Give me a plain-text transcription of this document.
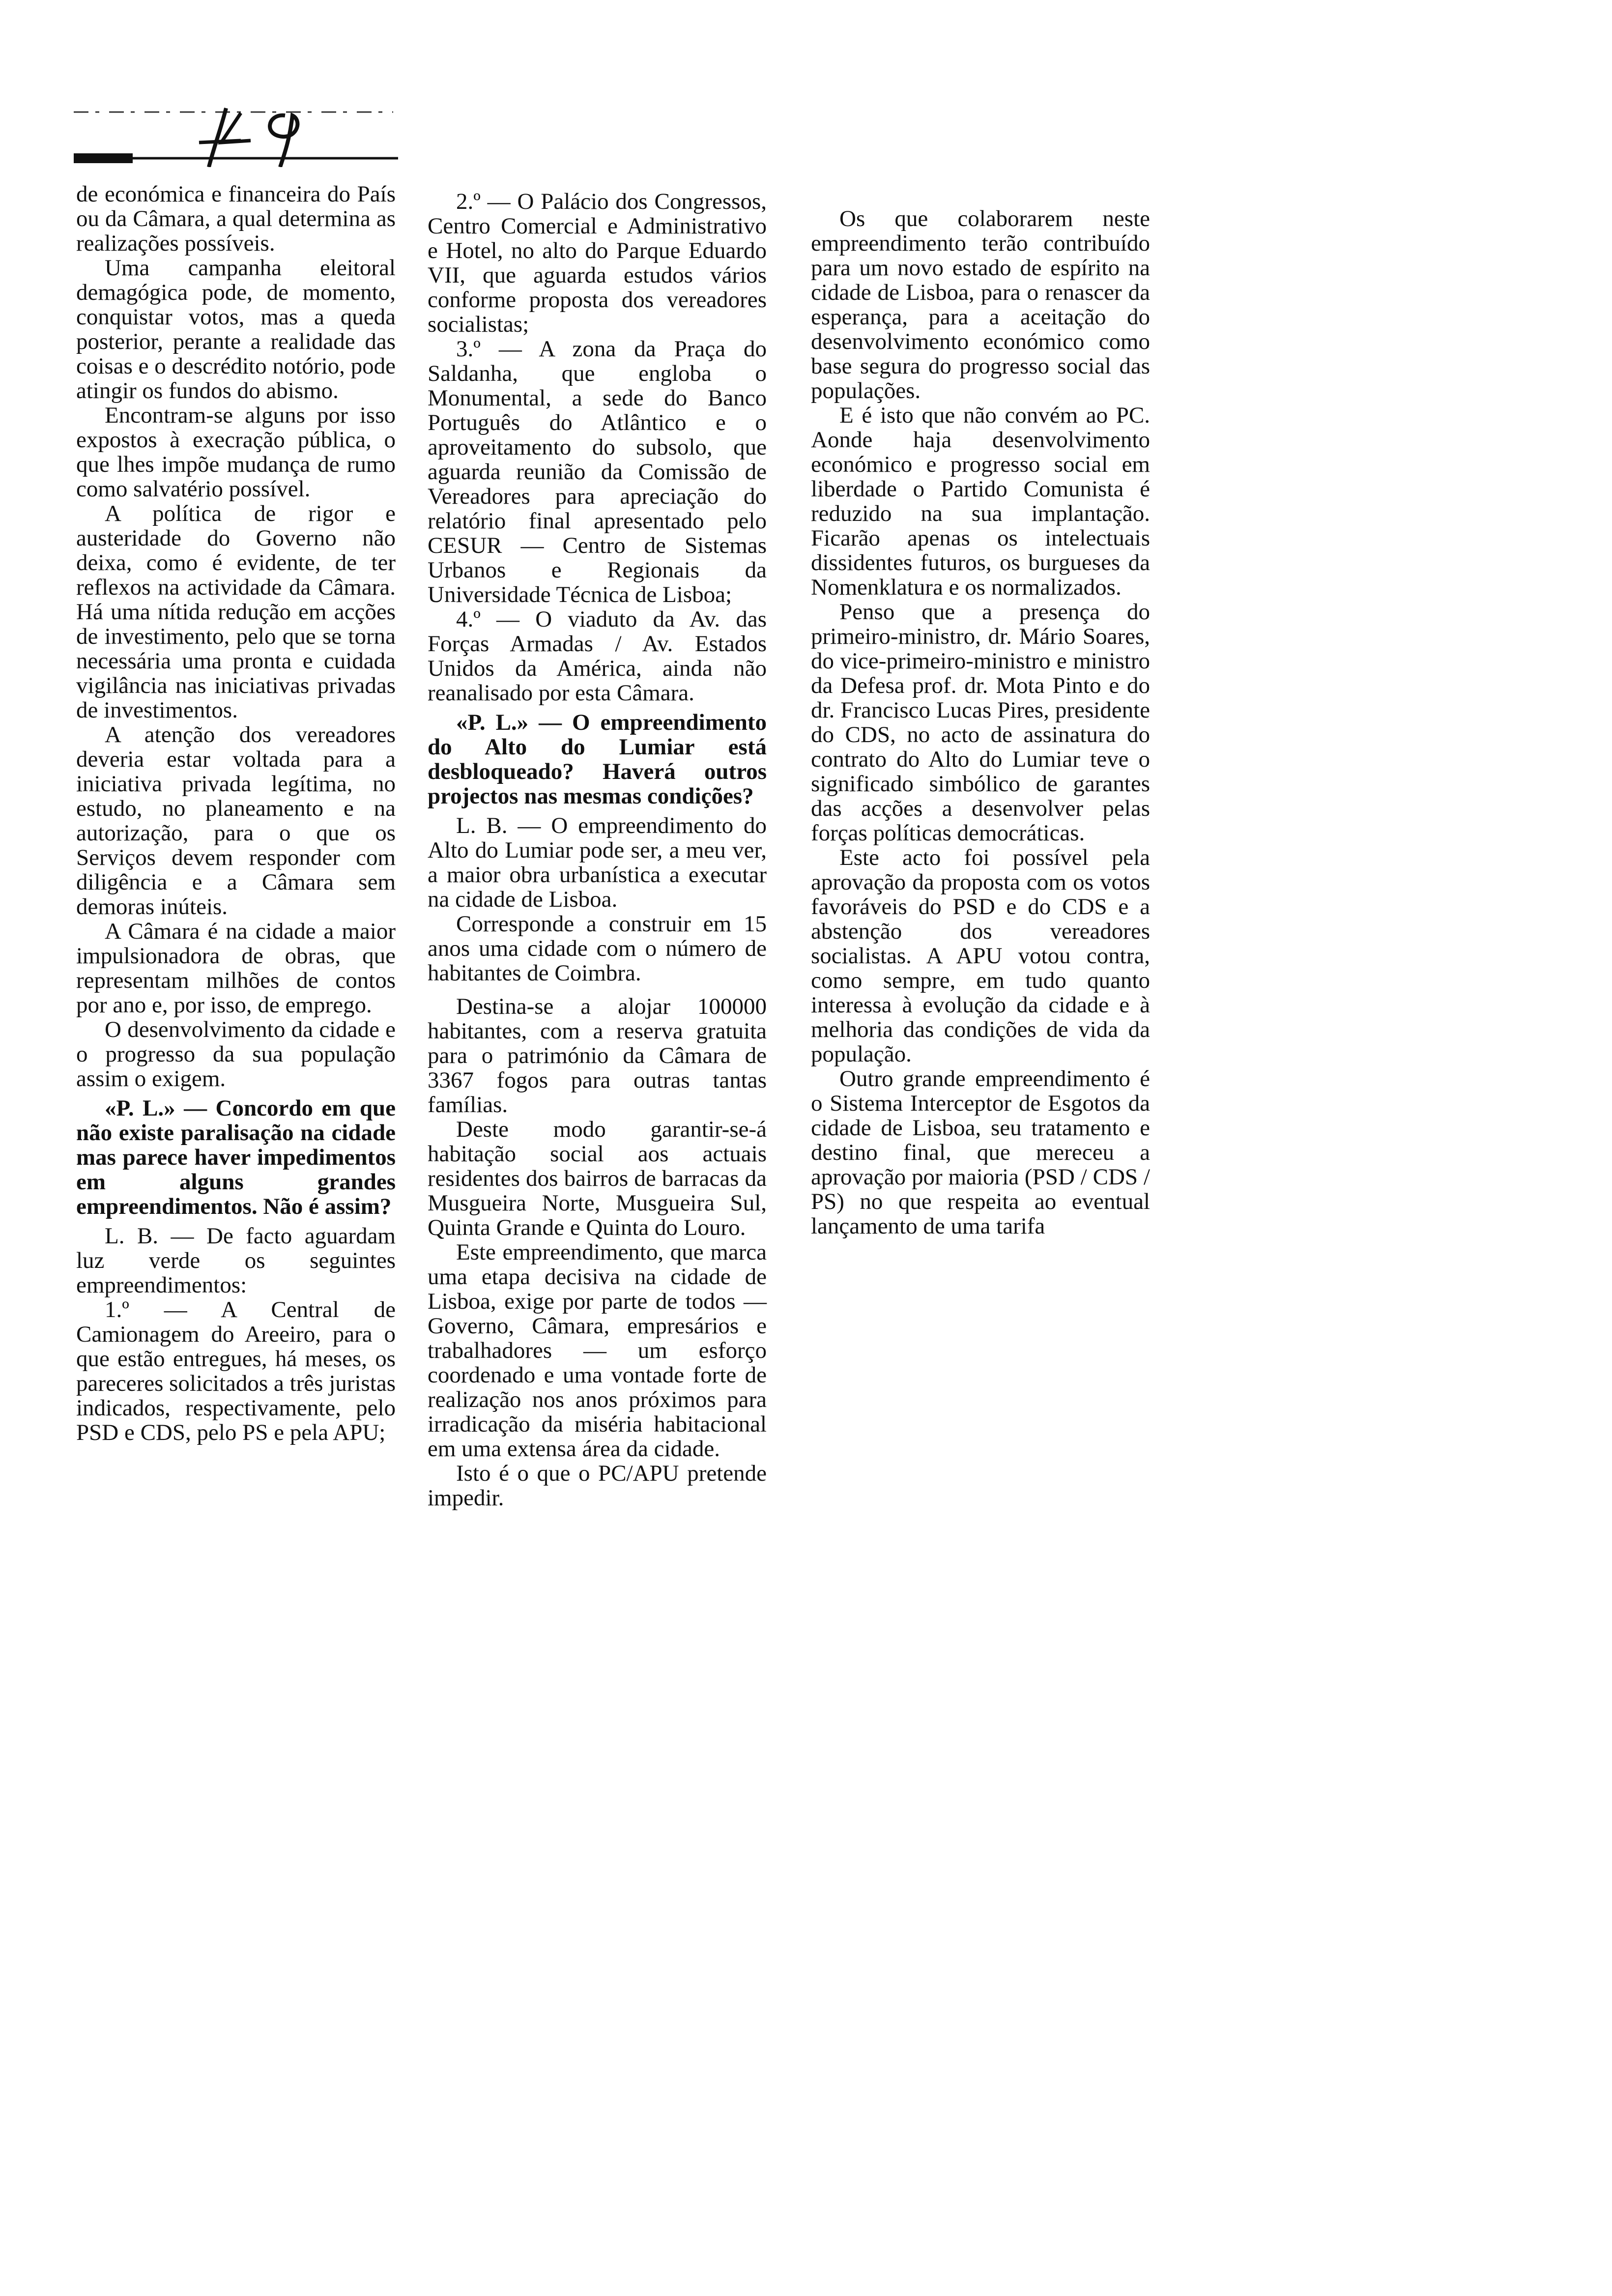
de económica e financeira do País ou da Câmara, a qual determina as realizações possíveis.

Uma campanha eleitoral demagógica pode, de momento, conquistar votos, mas a queda posterior, perante a realidade das coisas e o descrédito notório, pode atingir os fundos do abismo.

Encontram-se alguns por isso expostos à execração pública, o que lhes impõe mudança de rumo como salvatério possível.

A política de rigor e austeridade do Governo não deixa, como é evidente, de ter reflexos na actividade da Câmara. Há uma nítida redução em acções de investimento, pelo que se torna necessária uma pronta e cuidada vigilância nas iniciativas privadas de investimentos.

A atenção dos vereadores deveria estar voltada para a iniciativa privada legítima, no estudo, no planeamento e na autorização, para o que os Serviços devem responder com diligência e a Câmara sem demoras inúteis.

A Câmara é na cidade a maior impulsionadora de obras, que representam milhões de contos por ano e, por isso, de emprego.

O desenvolvimento da cidade e o progresso da sua população assim o exigem.

«P. L.» — Concordo em que não existe paralisação na cidade mas parece haver impedimentos em alguns grandes empreendimentos. Não é assim?

L. B. — De facto aguardam luz verde os seguintes empreendimentos:

1.º — A Central de Camionagem do Areeiro, para o que estão entregues, há meses, os pareceres solicitados a três juristas indicados, respectivamente, pelo PSD e CDS, pelo PS e pela APU;

2.º — O Palácio dos Congressos, Centro Comercial e Administrativo e Hotel, no alto do Parque Eduardo VII, que aguarda estudos vários conforme proposta dos vereadores socialistas;

3.º — A zona da Praça do Saldanha, que engloba o Monumental, a sede do Banco Português do Atlântico e o aproveitamento do subsolo, que aguarda reunião da Comissão de Vereadores para apreciação do relatório final apresentado pelo CESUR — Centro de Sistemas Urbanos e Regionais da Universidade Técnica de Lisboa;

4.º — O viaduto da Av. das Forças Armadas / Av. Estados Unidos da América, ainda não reanalisado por esta Câmara.

«P. L.» — O empreendimento do Alto do Lumiar está desbloqueado? Haverá outros projectos nas mesmas condições?

L. B. — O empreendimento do Alto do Lumiar pode ser, a meu ver, a maior obra urbanística a executar na cidade de Lisboa.

Corresponde a construir em 15 anos uma cidade com o número de habitantes de Coimbra.

Destina-se a alojar 100000 habitantes, com a reserva gratuita para o património da Câmara de 3367 fogos para outras tantas famílias.

Deste modo garantir-se-á habitação social aos actuais residentes dos bairros de barracas da Musgueira Norte, Musgueira Sul, Quinta Grande e Quinta do Louro.

Este empreendimento, que marca uma etapa decisiva na cidade de Lisboa, exige por parte de todos — Governo, Câmara, empresários e trabalhadores — um esforço coordenado e uma vontade forte de realização nos anos próximos para irradicação da miséria habitacional em uma extensa área da cidade.

Isto é o que o PC/APU pretende impedir.

Os que colaborarem neste empreendimento terão contribuído para um novo estado de espírito na cidade de Lisboa, para o renascer da esperança, para a aceitação do desenvolvimento económico como base segura do progresso social das populações.

E é isto que não convém ao PC. Aonde haja desenvolvimento económico e progresso social em liberdade o Partido Comunista é reduzido na sua implantação. Ficarão apenas os intelectuais dissidentes futuros, os burgueses da Nomenklatura e os normalizados.

Penso que a presença do primeiro-ministro, dr. Mário Soares, do vice-primeiro-ministro e ministro da Defesa prof. dr. Mota Pinto e do dr. Francisco Lucas Pires, presidente do CDS, no acto de assinatura do contrato do Alto do Lumiar teve o significado simbólico de garantes das acções a desenvolver pelas forças políticas democráticas.

Este acto foi possível pela aprovação da proposta com os votos favoráveis do PSD e do CDS e a abstenção dos vereadores socialistas. A APU votou contra, como sempre, em tudo quanto interessa à evolução da cidade e à melhoria das condições de vida da população.

Outro grande empreendimento é o Sistema Interceptor de Esgotos da cidade de Lisboa, seu tratamento e destino final, que mereceu a aprovação por maioria (PSD / CDS / PS) no que respeita ao eventual lançamento de uma tarifa
